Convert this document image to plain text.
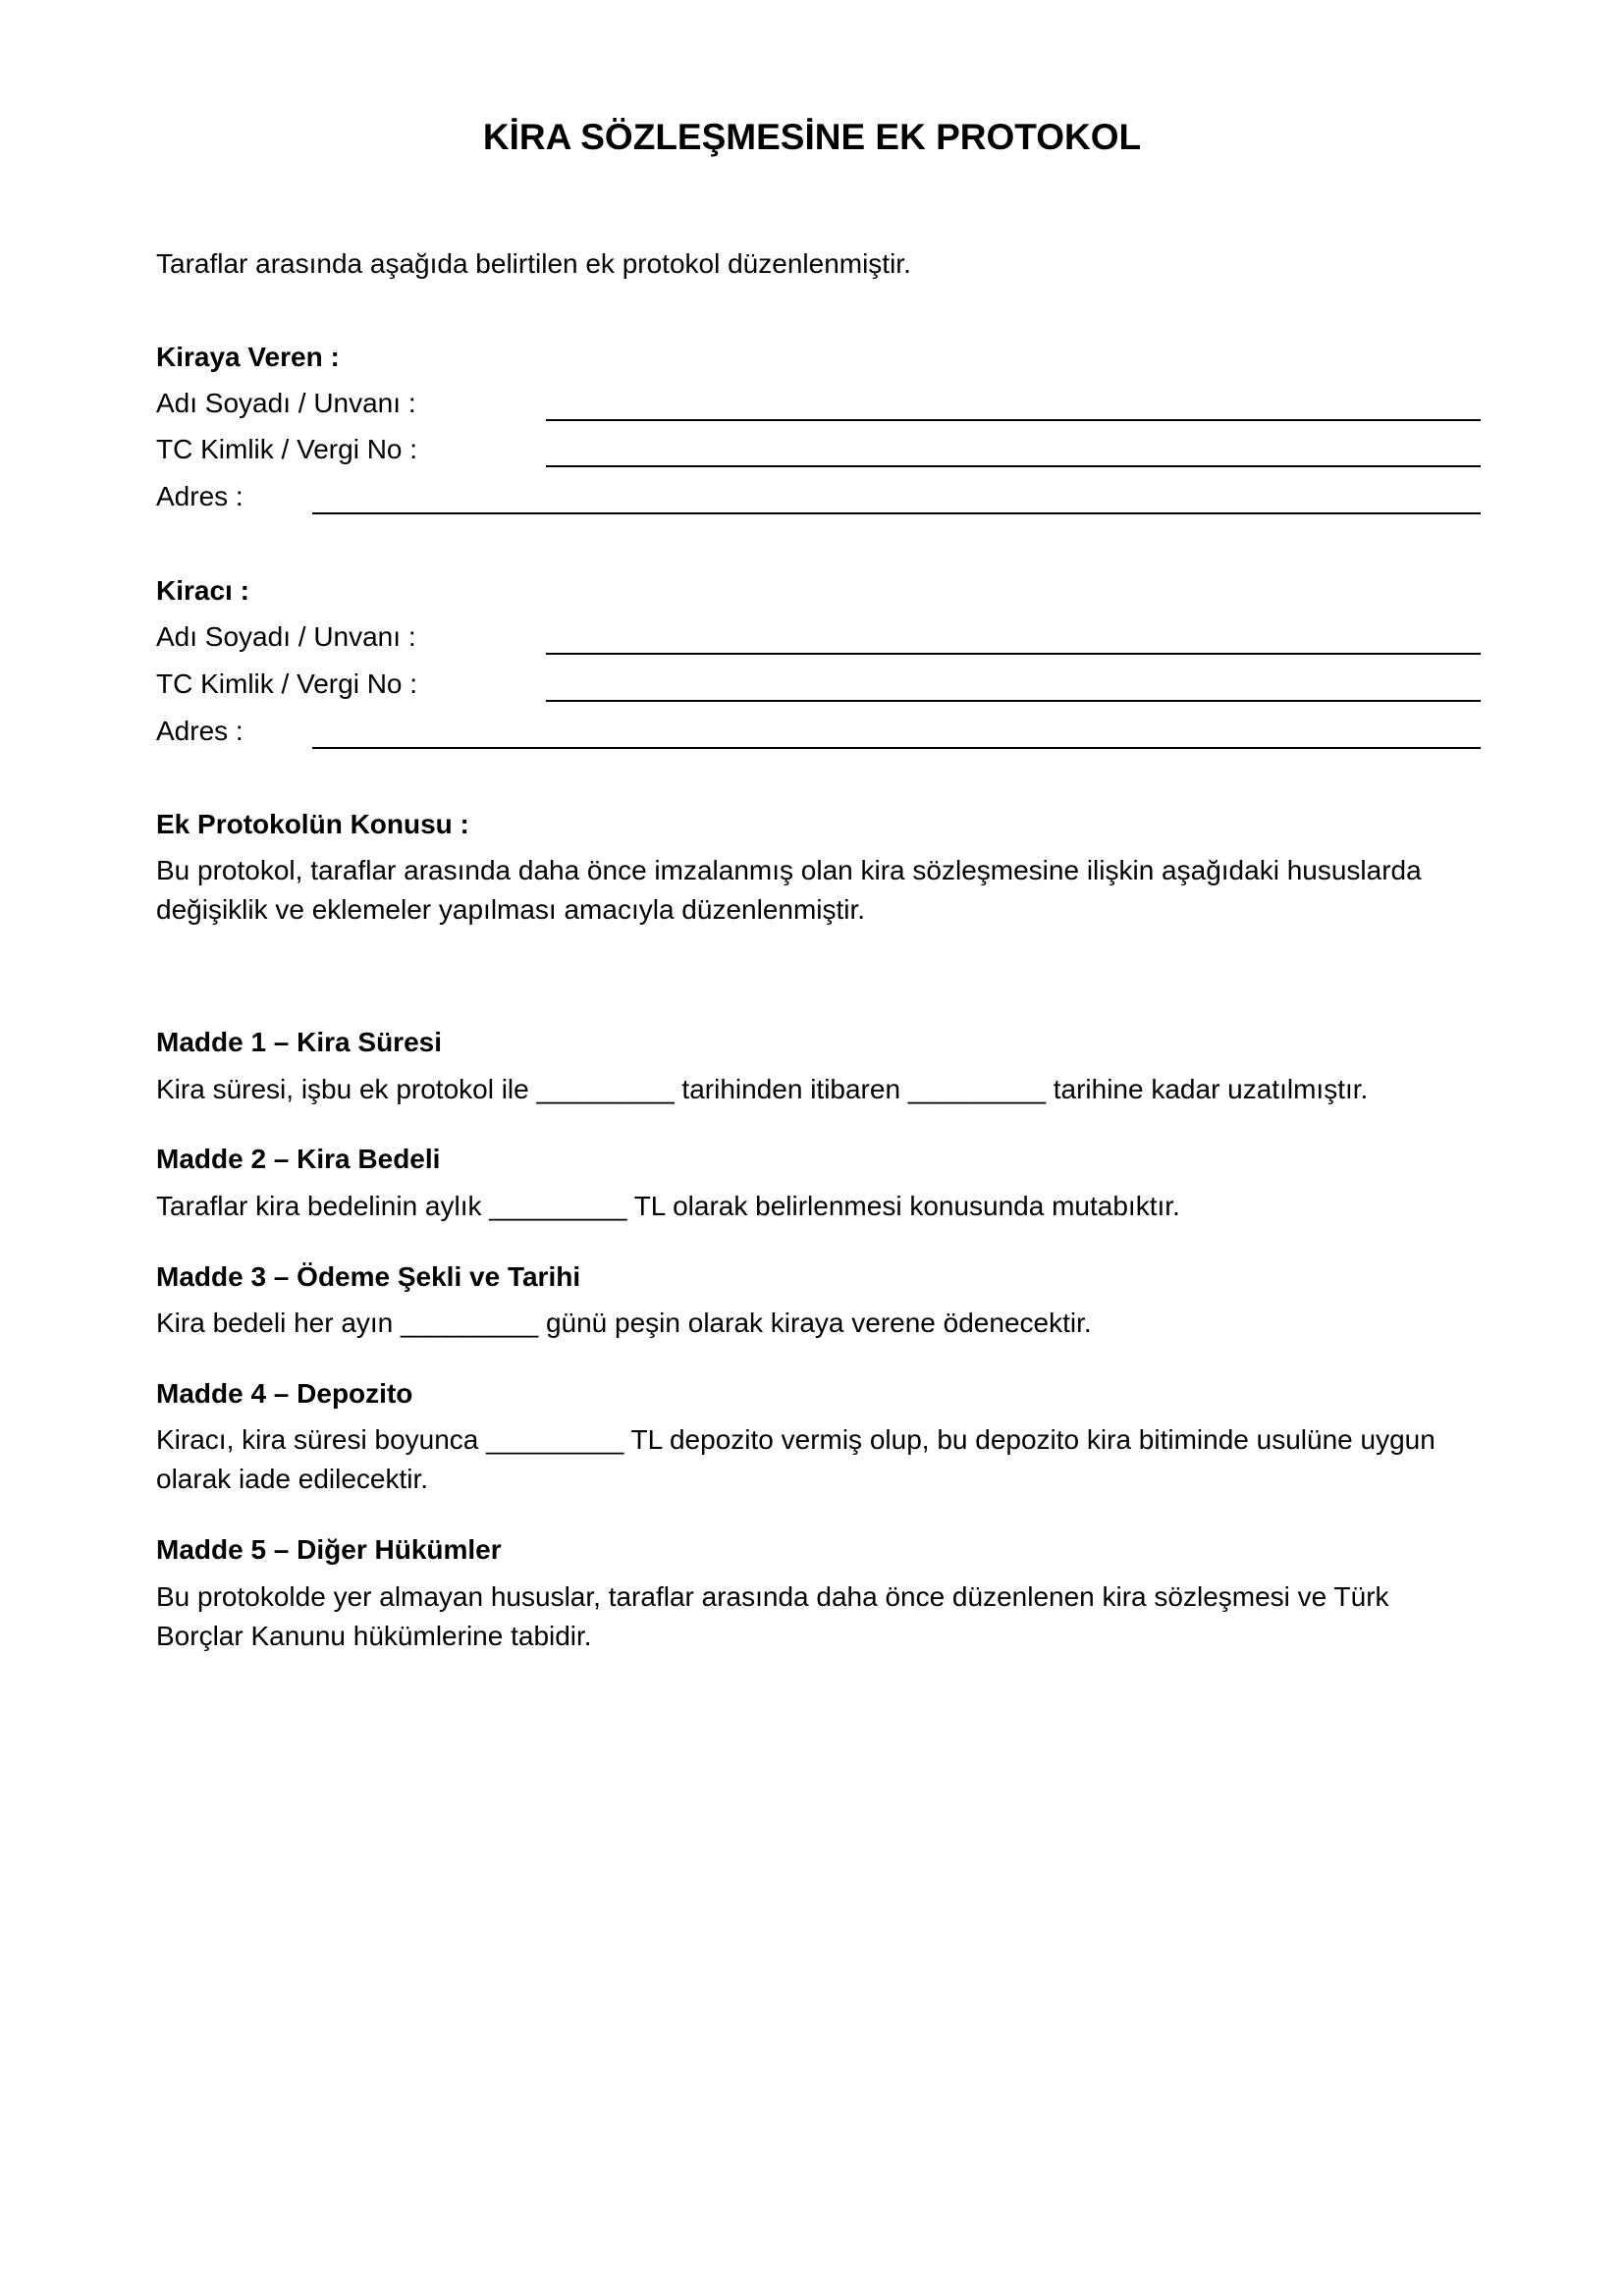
KİRA SÖZLEŞMESİNE EK PROTOKOL

Taraflar arasında aşağıda belirtilen ek protokol düzenlenmiştir.

Kiraya Veren :

Adı Soyadı / Unvanı :

TC Kimlik / Vergi No :

Adres :

Kiracı :

Adı Soyadı / Unvanı :

TC Kimlik / Vergi No :

Adres :

Ek Protokolün Konusu :

Bu protokol, taraflar arasında daha önce imzalanmış olan kira sözleşmesine ilişkin aşağıdaki hususlarda

değişiklik ve eklemeler yapılması amacıyla düzenlenmiştir.

Madde 1 – Kira Süresi

Kira süresi, işbu ek protokol ile _________ tarihinden itibaren _________ tarihine kadar uzatılmıştır.

Madde 2 – Kira Bedeli

Taraflar kira bedelinin aylık _________ TL olarak belirlenmesi konusunda mutabıktır.

Madde 3 – Ödeme Şekli ve Tarihi

Kira bedeli her ayın _________ günü peşin olarak kiraya verene ödenecektir.

Madde 4 – Depozito

Kiracı, kira süresi boyunca _________ TL depozito vermiş olup, bu depozito kira bitiminde usulüne uygun

olarak iade edilecektir.

Madde 5 – Diğer Hükümler

Bu protokolde yer almayan hususlar, taraflar arasında daha önce düzenlenen kira sözleşmesi ve Türk

Borçlar Kanunu hükümlerine tabidir.
